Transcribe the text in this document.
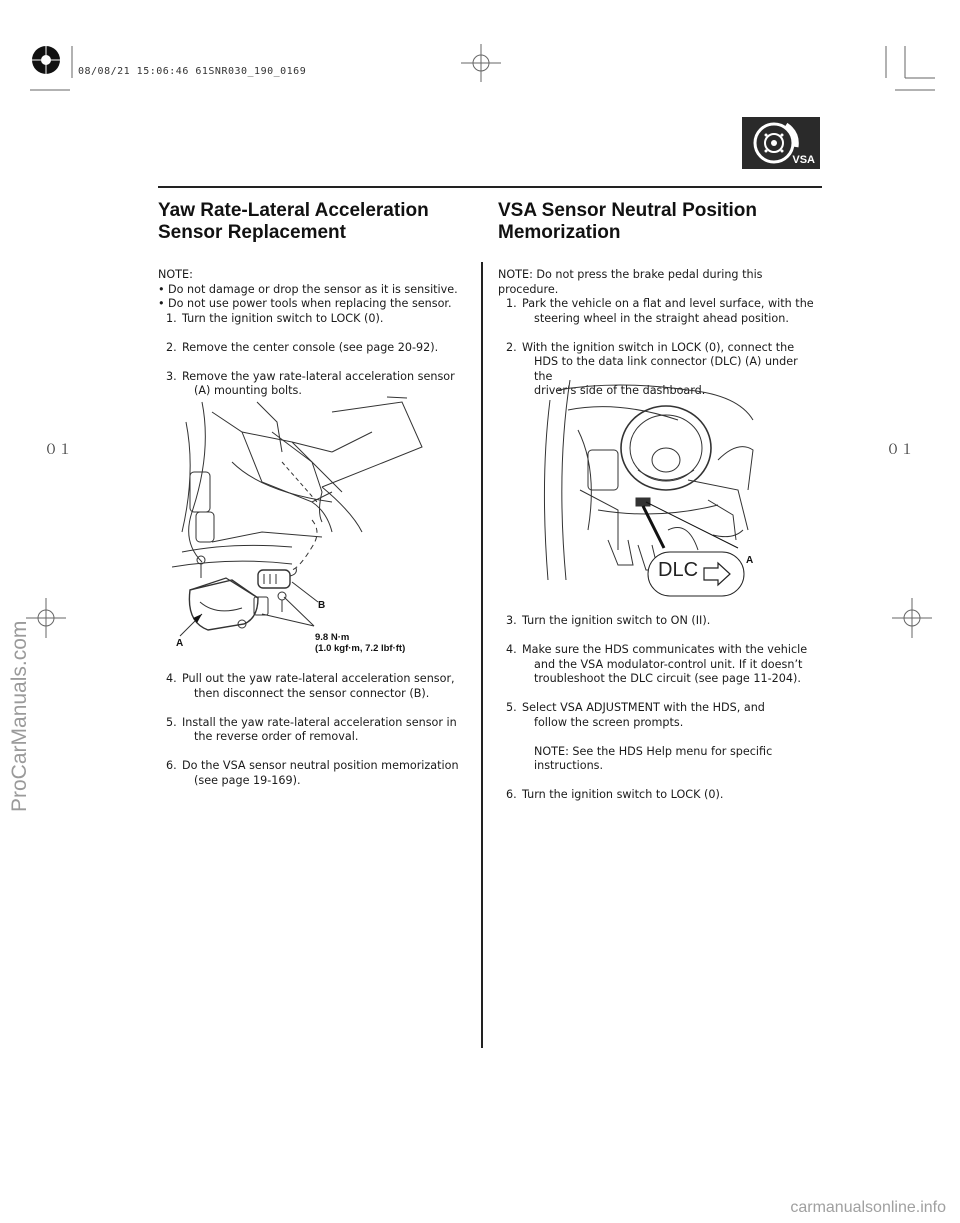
08/08/21 15:06:46 61SNR030_190_0169
０１	０１
ProCarManuals.com
carmanualsonline.info
VSA
Yaw Rate-Lateral Acceleration
Sensor Replacement
VSA Sensor Neutral Position
Memorization

NOTE:

• Do not damage or drop the sensor as it is sensitive.

• Do not use power tools when replacing the sensor.

1. Turn the ignition switch to LOCK (0).

2. Remove the center console (see page 20-92).

3. Remove the yaw rate-lateral acceleration sensor

(A) mounting bolts.

A
B
9.8 N·m
(1.0 kgf·m, 7.2 lbf·ft)
4. Pull out the yaw rate-lateral acceleration sensor,

then disconnect the sensor connector (B).

5. Install the yaw rate-lateral acceleration sensor in

the reverse order of removal.

6. Do the VSA sensor neutral position memorization

(see page 19-169).

NOTE: Do not press the brake pedal during this

procedure.

1. Park the vehicle on a flat and level surface, with the

steering wheel in the straight ahead position.

2. With the ignition switch in LOCK (0), connect the

HDS to the data link connector (DLC) (A) under the

driver’s side of the dashboard.

DLC	A
3. Turn the ignition switch to ON (II).

4. Make sure the HDS communicates with the vehicle

and the VSA modulator-control unit. If it doesn’t

troubleshoot the DLC circuit (see page 11-204).

5. Select VSA ADJUSTMENT with the HDS, and

follow the screen prompts.

NOTE: See the HDS Help menu for specific

instructions.

6. Turn the ignition switch to LOCK (0).
